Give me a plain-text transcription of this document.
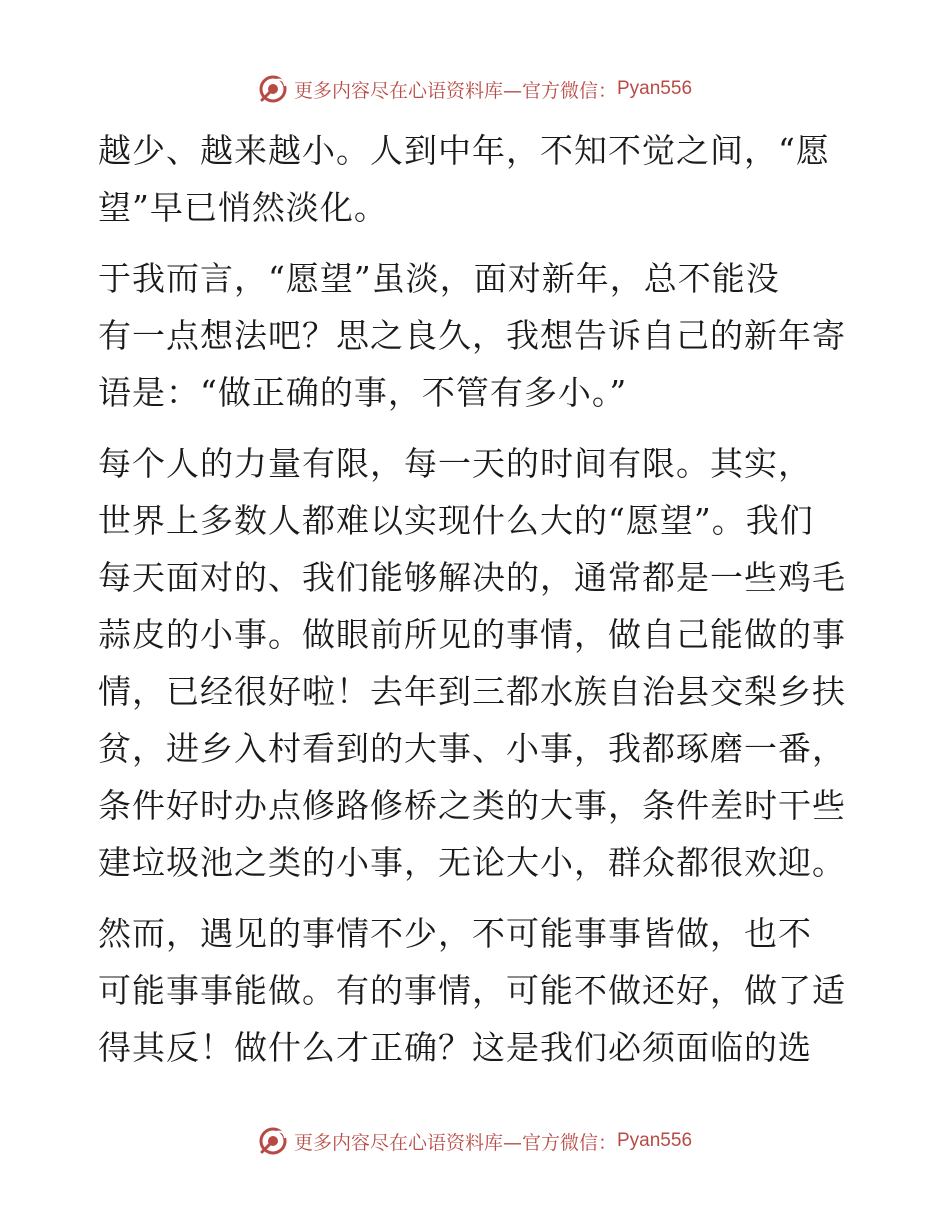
更多内容尽在心语资料库—官方微信： Pyan556
越少、越来越小。人到中年，不知不觉之间，“愿
望”早已悄然淡化。
于我而言，“愿望”虽淡，面对新年，总不能没
有一点想法吧？思之良久，我想告诉自己的新年寄
语是：“做正确的事，不管有多小。”
每个人的力量有限，每一天的时间有限。其实，
世界上多数人都难以实现什么大的“愿望”。我们
每天面对的、我们能够解决的，通常都是一些鸡毛
蒜皮的小事。做眼前所见的事情，做自己能做的事
情，已经很好啦！去年到三都水族自治县交梨乡扶
贫，进乡入村看到的大事、小事，我都琢磨一番，
条件好时办点修路修桥之类的大事，条件差时干些
建垃圾池之类的小事，无论大小，群众都很欢迎。
然而，遇见的事情不少，不可能事事皆做，也不
可能事事能做。有的事情，可能不做还好，做了适
得其反！做什么才正确？这是我们必须面临的选
更多内容尽在心语资料库—官方微信： Pyan556
